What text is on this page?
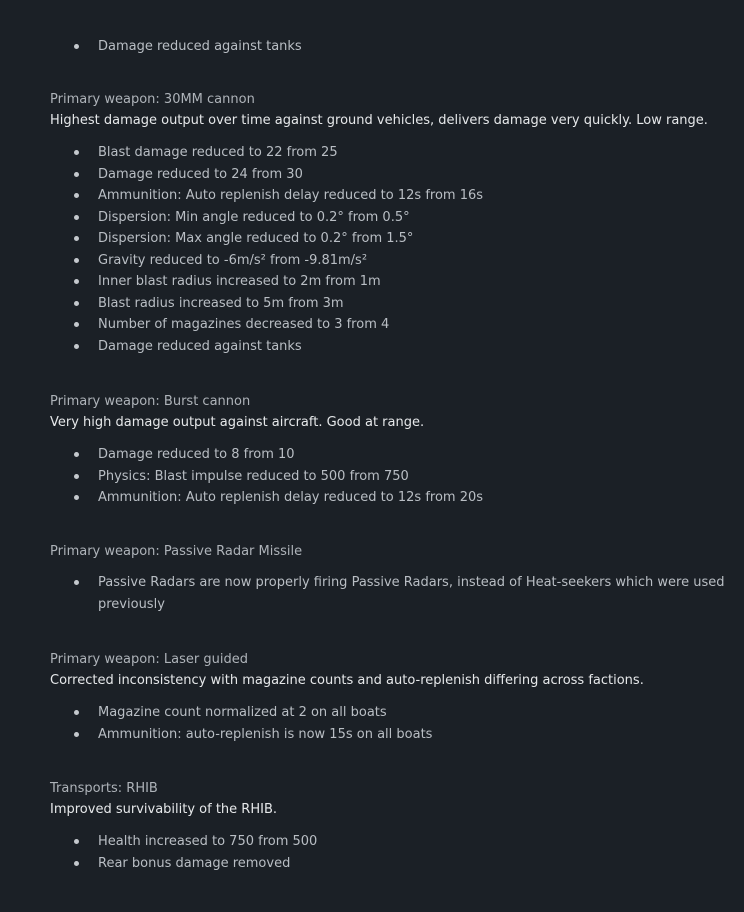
Damage reduced against tanks
Primary weapon: 30MM cannon
Highest damage output over time against ground vehicles, delivers damage very quickly. Low range.
Blast damage reduced to 22 from 25
Damage reduced to 24 from 30
Ammunition: Auto replenish delay reduced to 12s from 16s
Dispersion: Min angle reduced to 0.2° from 0.5°
Dispersion: Max angle reduced to 0.2° from 1.5°
Gravity reduced to -6m/s² from -9.81m/s²
Inner blast radius increased to 2m from 1m
Blast radius increased to 5m from 3m
Number of magazines decreased to 3 from 4
Damage reduced against tanks
Primary weapon: Burst cannon
Very high damage output against aircraft. Good at range.
Damage reduced to 8 from 10
Physics: Blast impulse reduced to 500 from 750
Ammunition: Auto replenish delay reduced to 12s from 20s
Primary weapon: Passive Radar Missile
Passive Radars are now properly firing Passive Radars, instead of Heat-seekers which were used previously
Primary weapon: Laser guided
Corrected inconsistency with magazine counts and auto-replenish differing across factions.
Magazine count normalized at 2 on all boats
Ammunition: auto-replenish is now 15s on all boats
Transports: RHIB
Improved survivability of the RHIB.
Health increased to 750 from 500
Rear bonus damage removed
